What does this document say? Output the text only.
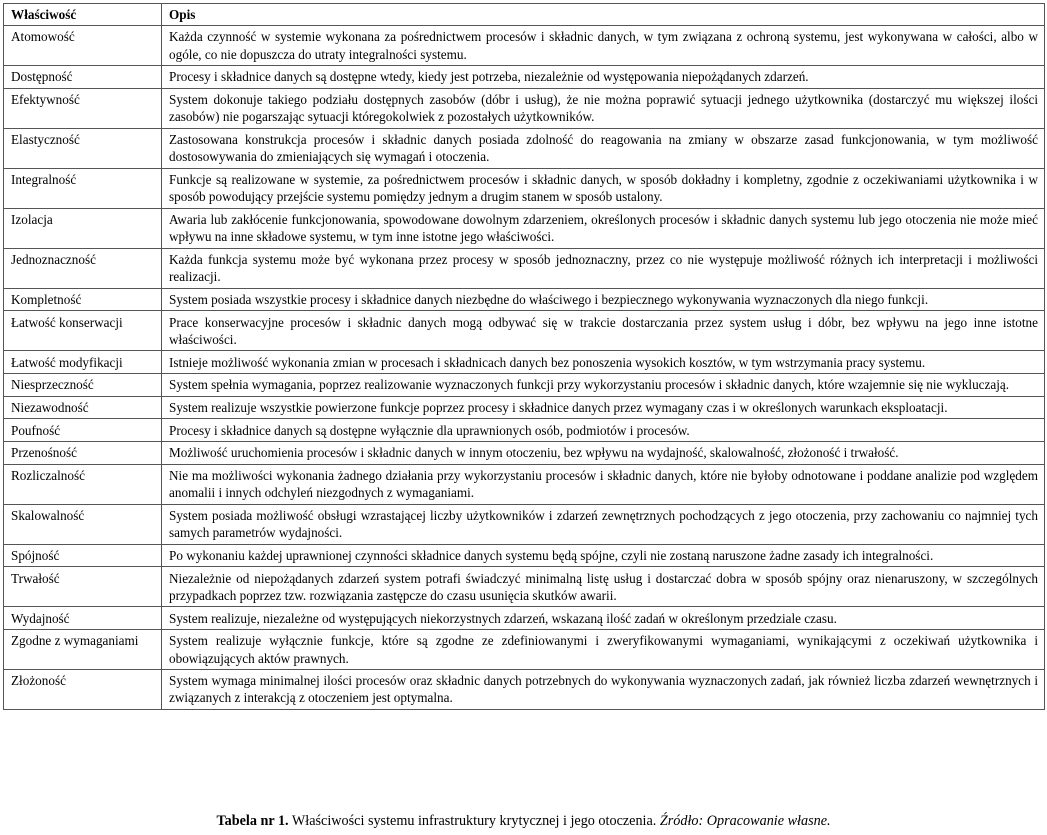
Właściwość	Opis
Atomowość	Każda czynność w systemie wykonana za pośrednictwem procesów i składnic danych, w tym związana z ochroną systemu, jest wykonywana w całości, albo w ogóle, co nie dopuszcza do utraty integralności systemu.
Dostępność	Procesy i składnice danych są dostępne wtedy, kiedy jest potrzeba, niezależnie od występowania niepożądanych zdarzeń.
Efektywność	System dokonuje takiego podziału dostępnych zasobów (dóbr i usług), że nie można poprawić sytuacji jednego użytkownika (dostarczyć mu większej ilości zasobów) nie pogarszając sytuacji któregokolwiek z pozostałych użytkowników.
Elastyczność	Zastosowana konstrukcja procesów i składnic danych posiada zdolność do reagowania na zmiany w obszarze zasad funkcjonowania, w tym możliwość dostosowywania do zmieniających się wymagań i otoczenia.
Integralność	Funkcje są realizowane w systemie, za pośrednictwem procesów i składnic danych, w sposób dokładny i kompletny, zgodnie z oczekiwaniami użytkownika i w sposób powodujący przejście systemu pomiędzy jednym a drugim stanem w sposób ustalony.
Izolacja	Awaria lub zakłócenie funkcjonowania, spowodowane dowolnym zdarzeniem, określonych procesów i składnic danych systemu lub jego otoczenia nie może mieć wpływu na inne składowe systemu, w tym inne istotne jego właściwości.
Jednoznaczność	Każda funkcja systemu może być wykonana przez procesy w sposób jednoznaczny, przez co nie występuje możliwość różnych ich interpretacji i możliwości realizacji.
Kompletność	System posiada wszystkie procesy i składnice danych niezbędne do właściwego i bezpiecznego wykonywania wyznaczonych dla niego funkcji.
Łatwość konserwacji	Prace konserwacyjne procesów i składnic danych mogą odbywać się w trakcie dostarczania przez system usług i dóbr, bez wpływu na jego inne istotne właściwości.
Łatwość modyfikacji	Istnieje możliwość wykonania zmian w procesach i składnicach danych bez ponoszenia wysokich kosztów, w tym wstrzymania pracy systemu.
Niesprzeczność	System spełnia wymagania, poprzez realizowanie wyznaczonych funkcji przy wykorzystaniu procesów i składnic danych, które wzajemnie się nie wykluczają.
Niezawodność	System realizuje wszystkie powierzone funkcje poprzez procesy i składnice danych przez wymagany czas i w określonych warunkach eksploatacji.
Poufność	Procesy i składnice danych są dostępne wyłącznie dla uprawnionych osób, podmiotów i procesów.
Przenośność	Możliwość uruchomienia procesów i składnic danych w innym otoczeniu, bez wpływu na wydajność, skalowalność, złożoność i trwałość.
Rozliczalność	Nie ma możliwości wykonania żadnego działania przy wykorzystaniu procesów i składnic danych, które nie byłoby odnotowane i poddane analizie pod względem anomalii i innych odchyleń niezgodnych z wymaganiami.
Skalowalność	System posiada możliwość obsługi wzrastającej liczby użytkowników i zdarzeń zewnętrznych pochodzących z jego otoczenia, przy zachowaniu co najmniej tych samych parametrów wydajności.
Spójność	Po wykonaniu każdej uprawnionej czynności składnice danych systemu będą spójne, czyli nie zostaną naruszone żadne zasady ich integralności.
Trwałość	Niezależnie od niepożądanych zdarzeń system potrafi świadczyć minimalną listę usług i dostarczać dobra w sposób spójny oraz nienaruszony, w szczególnych przypadkach poprzez tzw. rozwiązania zastępcze do czasu usunięcia skutków awarii.
Wydajność	System realizuje, niezależne od występujących niekorzystnych zdarzeń, wskazaną ilość zadań w określonym przedziale czasu.
Zgodne z wymaganiami	System realizuje wyłącznie funkcje, które są zgodne ze zdefiniowanymi i zweryfikowanymi wymaganiami, wynikającymi z oczekiwań użytkownika i obowiązujących aktów prawnych.
Złożoność	System wymaga minimalnej ilości procesów oraz składnic danych potrzebnych do wykonywania wyznaczonych zadań, jak również liczba zdarzeń wewnętrznych i związanych z interakcją z otoczeniem jest optymalna.
Tabela nr 1. Właściwości systemu infrastruktury krytycznej i jego otoczenia. Źródło: Opracowanie własne.
